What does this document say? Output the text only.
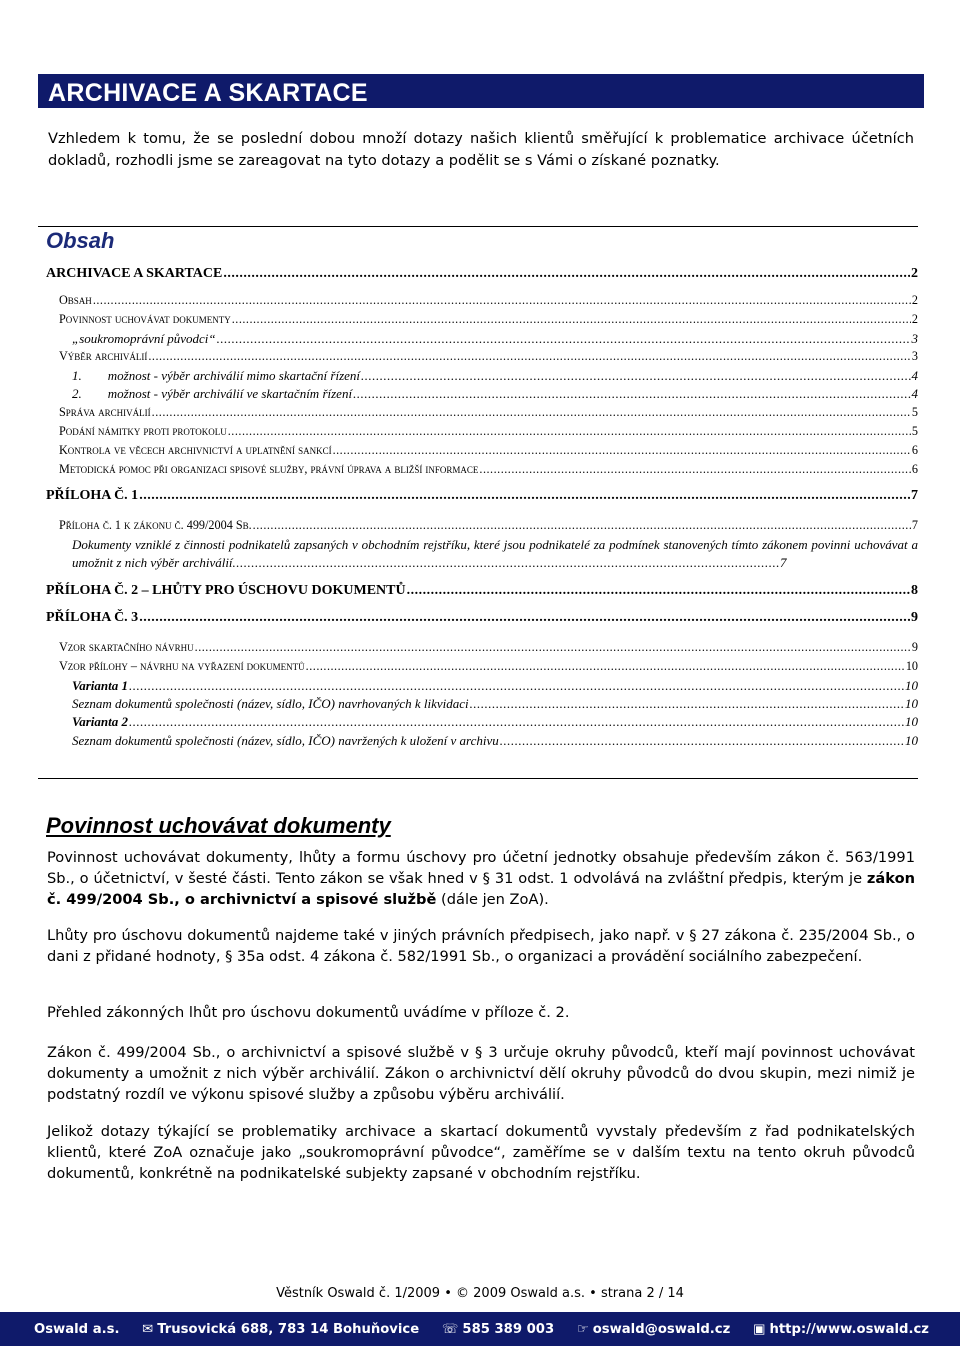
ARCHIVACE A SKARTACE
Vzhledem k tomu, že se poslední dobou množí dotazy našich klientů směřující k problematice archivace účetních dokladů, rozhodli jsme se zareagovat na tyto dotazy a podělit se s Vámi o získané poznatky.
Obsah
ARCHIVACE A SKARTACE .....	2
Obsah .....	2
Povinnost uchovávat dokumenty .....	2
„soukromoprávní původci“ .....	3
Výběr archiválií .....	3
1. možnost - výběr archiválií mimo skartační řízení .....	4
2. možnost - výběr archiválií ve skartačním řízení .....	4
Správa archiválií .....	5
Podání námitky proti protokolu .....	5
Kontrola ve věcech archivnictví a uplatnění sankcí .....	6
Metodická pomoc při organizaci spisové služby, právní úprava a bližší informace .....	6
PŘÍLOHA Č. 1 .....	7
Příloha č. 1 k zákonu č. 499/2004 Sb. .....	7
Dokumenty vzniklé z činnosti podnikatelů zapsaných v obchodním rejstříku, které jsou podnikatelé za podmínek stanovených tímto zákonem povinni uchovávat a umožnit z nich výběr archiválií..................................................................................................................................................7
PŘÍLOHA Č. 2 – LHŮTY PRO ÚSCHOVU DOKUMENTŮ .....	8
PŘÍLOHA Č. 3 .....	9
Vzor skartačního návrhu .....	9
Vzor přílohy – návrhu na vyřazení dokumentů .....	10
Varianta 1 .....	10
Seznam dokumentů společnosti (název, sídlo, IČO) navrhovaných k likvidaci .....	10
Varianta 2 .....	10
Seznam dokumentů společnosti (název, sídlo, IČO) navržených k uložení v archivu .....	10
Povinnost uchovávat dokumenty
Povinnost uchovávat dokumenty, lhůty a formu úschovy pro účetní jednotky obsahuje především zákon č. 563/1991 Sb., o účetnictví, v šesté části. Tento zákon se však hned v § 31 odst. 1 odvolává na zvláštní předpis, kterým je zákon č. 499/2004 Sb., o archivnictví a spisové službě (dále jen ZoA).
Lhůty pro úschovu dokumentů najdeme také v jiných právních předpisech, jako např. v § 27 zákona č. 235/2004 Sb., o dani z přidané hodnoty, § 35a odst. 4 zákona č. 582/1991 Sb., o organizaci a provádění sociálního zabezpečení.
Přehled zákonných lhůt pro úschovu dokumentů uvádíme v příloze č. 2.
Zákon č. 499/2004 Sb., o archivnictví a spisové službě v § 3 určuje okruhy původců, kteří mají povinnost uchovávat dokumenty a umožnit z nich výběr archiválií. Zákon o archivnictví dělí okruhy původců do dvou skupin, mezi nimiž je podstatný rozdíl ve výkonu spisové služby a způsobu výběru archiválií.
Jelikož dotazy týkající se problematiky archivace a skartací dokumentů vyvstaly především z řad podnikatelských klientů, které ZoA označuje jako „soukromoprávní původce“, zaměříme se v dalším textu na tento okruh původců dokumentů, konkrétně na podnikatelské subjekty zapsané v obchodním rejstříku.
Věstník Oswald č. 1/2009 • © 2009 Oswald a.s. • strana 2 / 14
Oswald a.s. ✉ Trusovická 688, 783 14 Bohuňovice ☏ 585 389 003 ☞ oswald@oswald.cz ▣ http://www.oswald.cz
